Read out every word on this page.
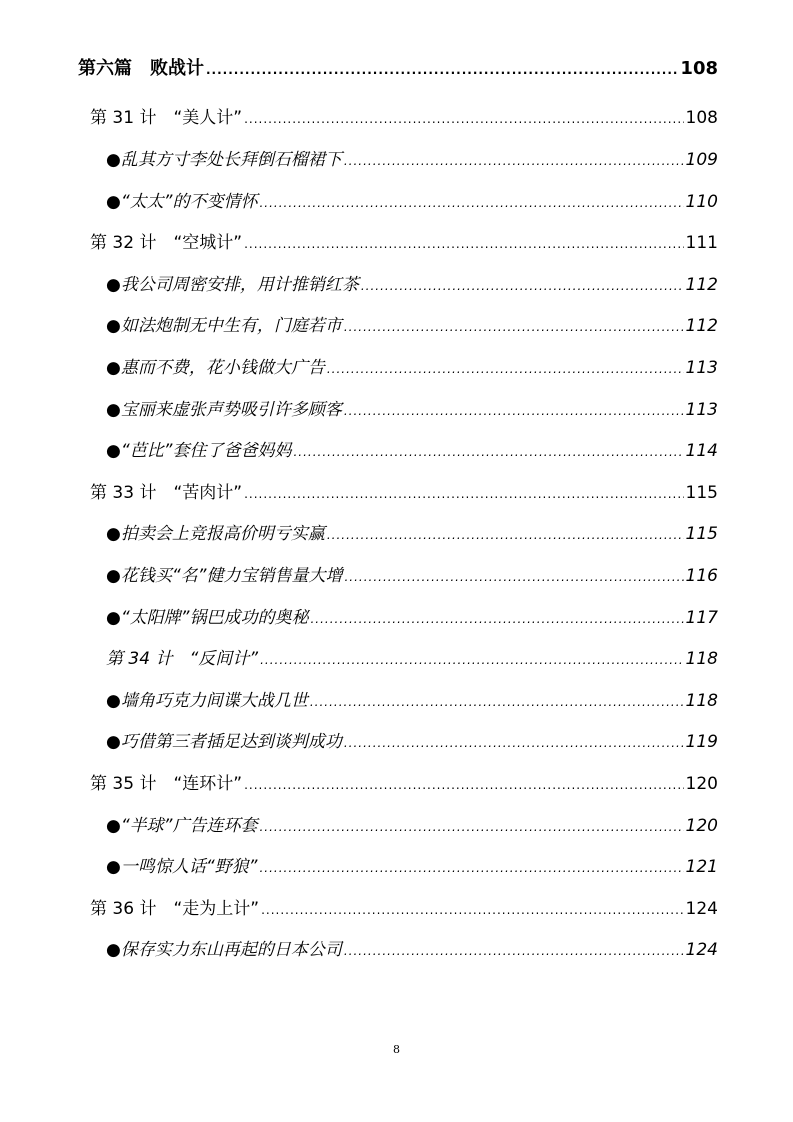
第六篇　败战计 .....	108
第 31 计　“美人计” .....	108
●乱其方寸李处长拜倒石榴裙下 .....	109
●“太太”的不变情怀 .....	110
第 32 计　“空城计” .....	111
●我公司周密安排，用计推销红茶 .....	112
●如法炮制无中生有，门庭若市 .....	112
●惠而不费，花小钱做大广告 .....	113
●宝丽来虚张声势吸引许多顾客 .....	113
●“芭比”套住了爸爸妈妈 .....	114
第 33 计　“苦肉计” .....	115
●拍卖会上竞报高价明亏实赢 .....	115
●花钱买“名”健力宝销售量大增 .....	116
●“太阳牌”锅巴成功的奥秘 .....	117
第 34 计　“反间计” .....	118
●墙角巧克力间谍大战几世 .....	118
●巧借第三者插足达到谈判成功 .....	119
第 35 计　“连环计” .....	120
●“半球”广告连环套 .....	120
●一鸣惊人话“野狼” .....	121
第 36 计　“走为上计” .....	124
●保存实力东山再起的日本公司 .....	124
8
